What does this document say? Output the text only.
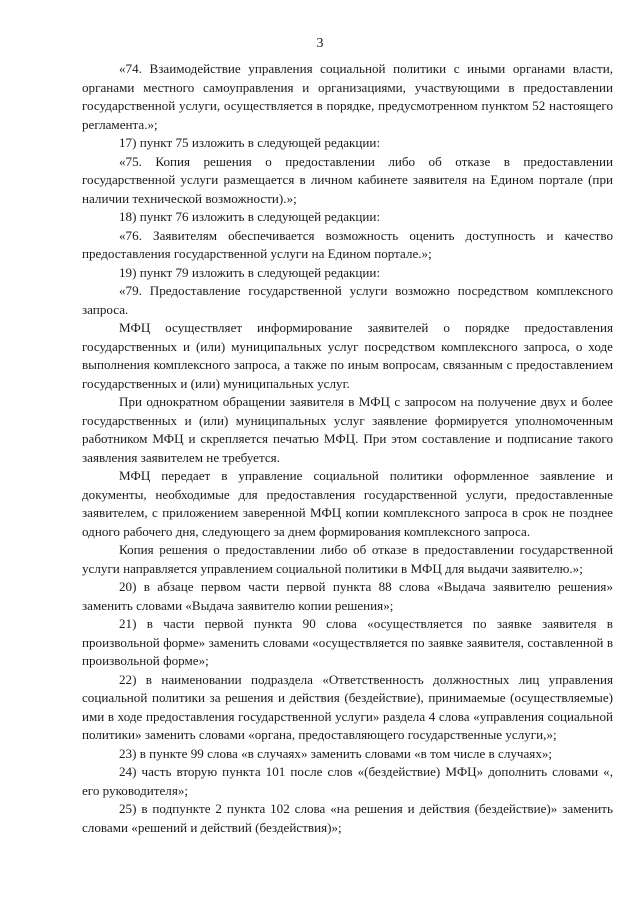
3

«74. Взаимодействие управления социальной политики с иными органами власти, органами местного самоуправления и организациями, участвующими в предоставлении государственной услуги, осуществляется в порядке, предусмотренном пунктом 52 настоящего регламента.»;

17) пункт 75 изложить в следующей редакции:

«75. Копия решения о предоставлении либо об отказе в предоставлении государственной услуги размещается в личном кабинете заявителя на Едином портале (при наличии технической возможности).»;

18) пункт 76 изложить в следующей редакции:

«76. Заявителям обеспечивается возможность оценить доступность и качество предоставления государственной услуги на Едином портале.»;

19) пункт 79 изложить в следующей редакции:

«79. Предоставление государственной услуги возможно посредством комплексного запроса.

МФЦ осуществляет информирование заявителей о порядке предоставления государственных и (или) муниципальных услуг посредством комплексного запроса, о ходе выполнения комплексного запроса, а также по иным вопросам, связанным с предоставлением государственных и (или) муниципальных услуг.

При однократном обращении заявителя в МФЦ с запросом на получение двух и более государственных и (или) муниципальных услуг заявление формируется уполномоченным работником МФЦ и скрепляется печатью МФЦ. При этом составление и подписание такого заявления заявителем не требуется.

МФЦ передает в управление социальной политики оформленное заявление и документы, необходимые для предоставления государственной услуги, предоставленные заявителем, с приложением заверенной МФЦ копии комплексного запроса в срок не позднее одного рабочего дня, следующего за днем формирования комплексного запроса.

Копия решения о предоставлении либо об отказе в предоставлении государственной услуги направляется управлением социальной политики в МФЦ для выдачи заявителю.»;

20) в абзаце первом части первой пункта 88 слова «Выдача заявителю решения» заменить словами «Выдача заявителю копии решения»;

21) в части первой пункта 90 слова «осуществляется по заявке заявителя в произвольной форме» заменить словами «осуществляется по заявке заявителя, составленной в произвольной форме»;

22) в наименовании подраздела «Ответственность должностных лиц управления социальной политики за решения и действия (бездействие), принимаемые (осуществляемые) ими в ходе предоставления государственной услуги» раздела 4 слова «управления социальной политики» заменить словами «органа, предоставляющего государственные услуги,»;

23) в пункте 99 слова «в случаях» заменить словами «в том числе в случаях»;

24) часть вторую пункта 101 после слов «(бездействие) МФЦ» дополнить словами «, его руководителя»;

25) в подпункте 2 пункта 102 слова «на решения и действия (бездействие)» заменить словами «решений и действий (бездействия)»;
